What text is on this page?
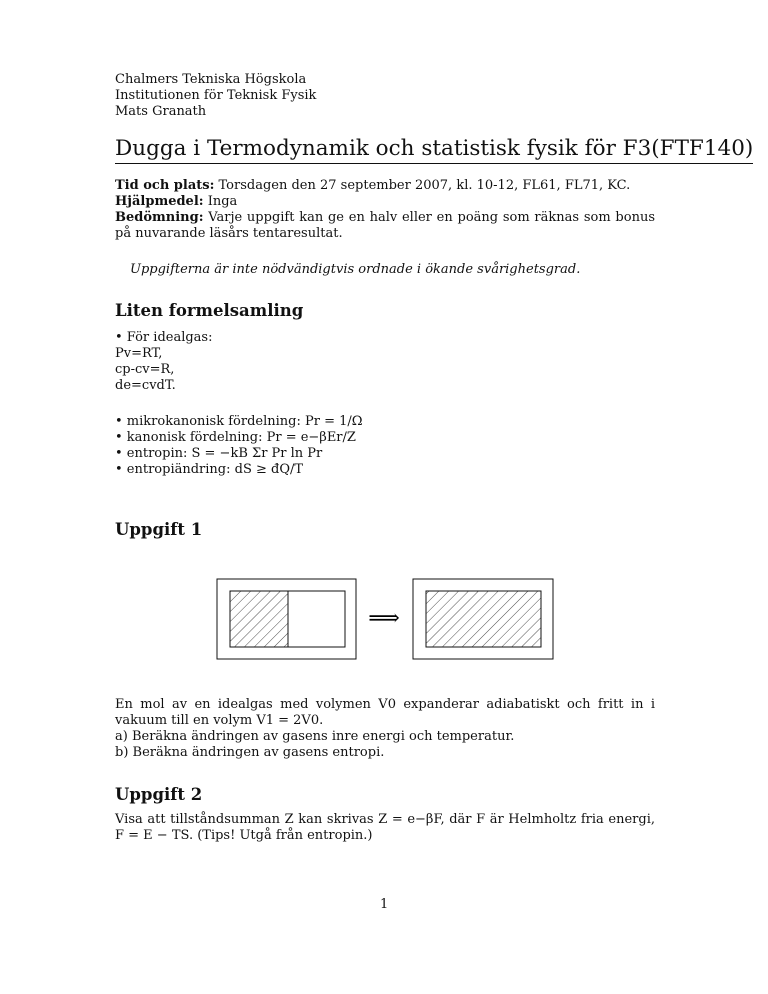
Chalmers Tekniska Högskola
Institutionen för Teknisk Fysik
Mats Granath
Dugga i Termodynamik och statistisk fysik för F3(FTF140)
Tid och plats: Torsdagen den 27 september 2007, kl. 10-12, FL61, FL71, KC.
Hjälpmedel: Inga
Bedömning: Varje uppgift kan ge en halv eller en poäng som räknas som bonus på nuvarande läsårs tentaresultat.
Uppgifterna är inte nödvändigtvis ordnade i ökande svårighetsgrad.
Liten formelsamling
• För idealgas:
Pv=RT,
cp-cv=R,
de=cvdT.
• mikrokanonisk fördelning: Pr = 1/Ω
• kanonisk fördelning: Pr = e−βEr/Z
• entropin: S = −kB Σr Pr ln Pr
• entropiändring: dS ≥ đQ/T
Uppgift 1
⟹
En mol av en idealgas med volymen V0 expanderar adiabatiskt och fritt in i vakuum till en volym V1 = 2V0.
a) Beräkna ändringen av gasens inre energi och temperatur.
b) Beräkna ändringen av gasens entropi.
Uppgift 2
Visa att tillståndsumman Z kan skrivas Z = e−βF, där F är Helmholtz fria energi, F = E − TS. (Tips! Utgå från entropin.)
1
